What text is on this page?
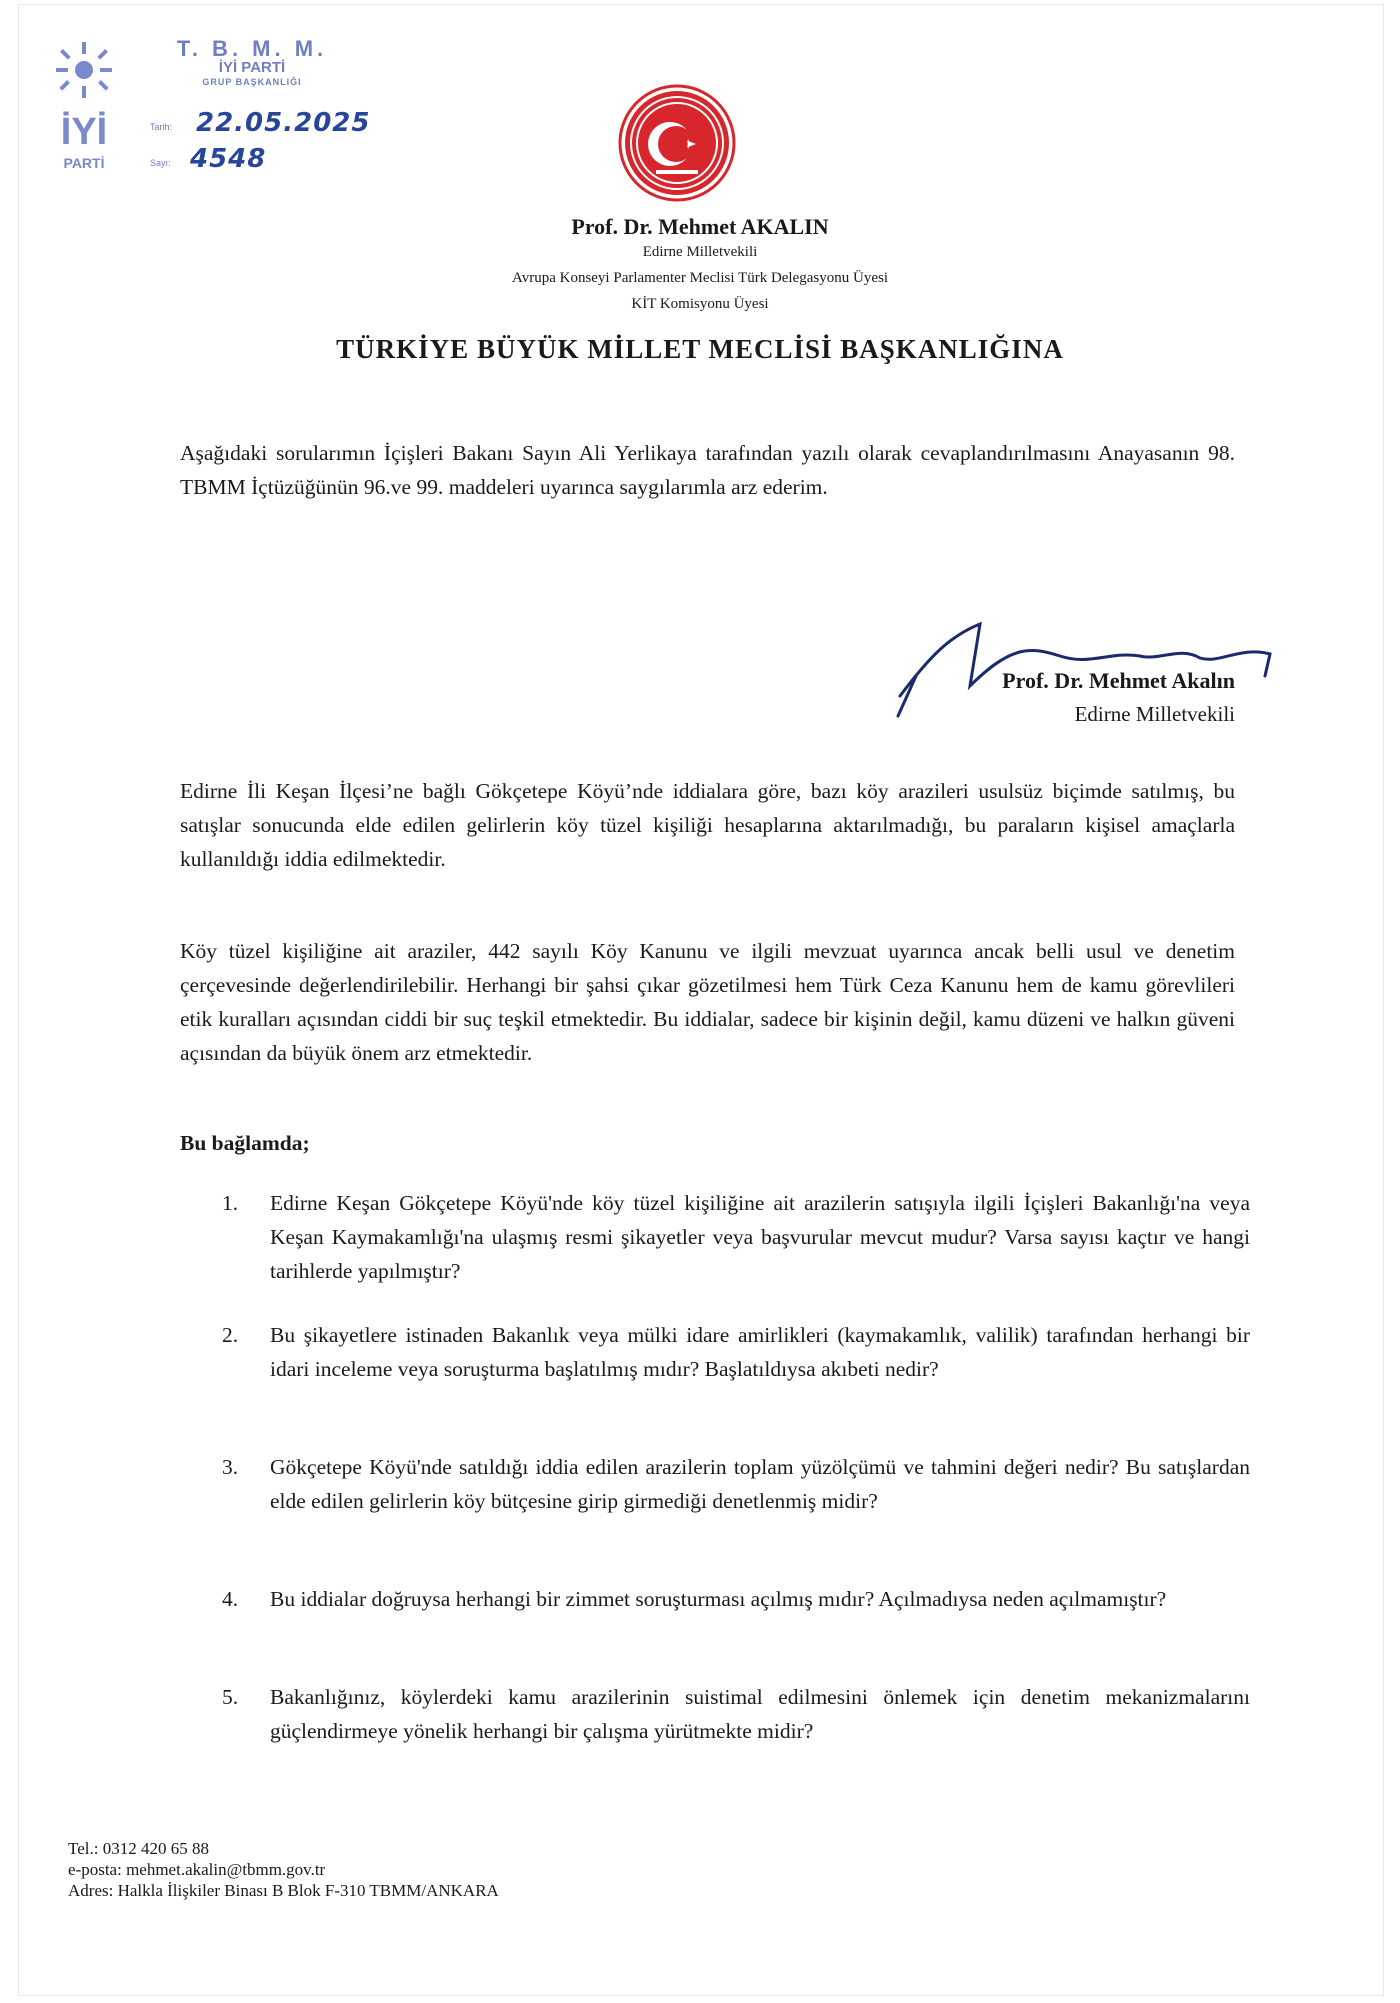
İYİ
PARTİ
T. B. M. M.
İYİ PARTİ
GRUP BAŞKANLIĞI
Tarih: 22.05.2025
Sayı: 4548
Prof. Dr. Mehmet AKALIN
Edirne Milletvekili
Avrupa Konseyi Parlamenter Meclisi Türk Delegasyonu Üyesi
KİT Komisyonu Üyesi
TÜRKİYE BÜYÜK MİLLET MECLİSİ BAŞKANLIĞINA
Aşağıdaki sorularımın İçişleri Bakanı Sayın Ali Yerlikaya tarafından yazılı olarak cevaplandırılmasını Anayasanın 98. TBMM İçtüzüğünün 96.ve 99. maddeleri uyarınca saygılarımla arz ederim.
Prof. Dr. Mehmet Akalın
Edirne Milletvekili
Edirne İli Keşan İlçesi’ne bağlı Gökçetepe Köyü’nde iddialara göre, bazı köy arazileri usulsüz biçimde satılmış, bu satışlar sonucunda elde edilen gelirlerin köy tüzel kişiliği hesaplarına aktarılmadığı, bu paraların kişisel amaçlarla kullanıldığı iddia edilmektedir.
Köy tüzel kişiliğine ait araziler, 442 sayılı Köy Kanunu ve ilgili mevzuat uyarınca ancak belli usul ve denetim çerçevesinde değerlendirilebilir. Herhangi bir şahsi çıkar gözetilmesi hem Türk Ceza Kanunu hem de kamu görevlileri etik kuralları açısından ciddi bir suç teşkil etmektedir. Bu iddialar, sadece bir kişinin değil, kamu düzeni ve halkın güveni açısından da büyük önem arz etmektedir.
Bu bağlamda;
1. Edirne Keşan Gökçetepe Köyü'nde köy tüzel kişiliğine ait arazilerin satışıyla ilgili İçişleri Bakanlığı'na veya Keşan Kaymakamlığı'na ulaşmış resmi şikayetler veya başvurular mevcut mudur? Varsa sayısı kaçtır ve hangi tarihlerde yapılmıştır?
2. Bu şikayetlere istinaden Bakanlık veya mülki idare amirlikleri (kaymakamlık, valilik) tarafından herhangi bir idari inceleme veya soruşturma başlatılmış mıdır? Başlatıldıysa akıbeti nedir?
3. Gökçetepe Köyü'nde satıldığı iddia edilen arazilerin toplam yüzölçümü ve tahmini değeri nedir? Bu satışlardan elde edilen gelirlerin köy bütçesine girip girmediği denetlenmiş midir?
4. Bu iddialar doğruysa herhangi bir zimmet soruşturması açılmış mıdır? Açılmadıysa neden açılmamıştır?
5. Bakanlığınız, köylerdeki kamu arazilerinin suistimal edilmesini önlemek için denetim mekanizmalarını güçlendirmeye yönelik herhangi bir çalışma yürütmekte midir?
Tel.: 0312 420 65 88
e-posta: mehmet.akalin@tbmm.gov.tr
Adres: Halkla İlişkiler Binası B Blok F-310 TBMM/ANKARA
